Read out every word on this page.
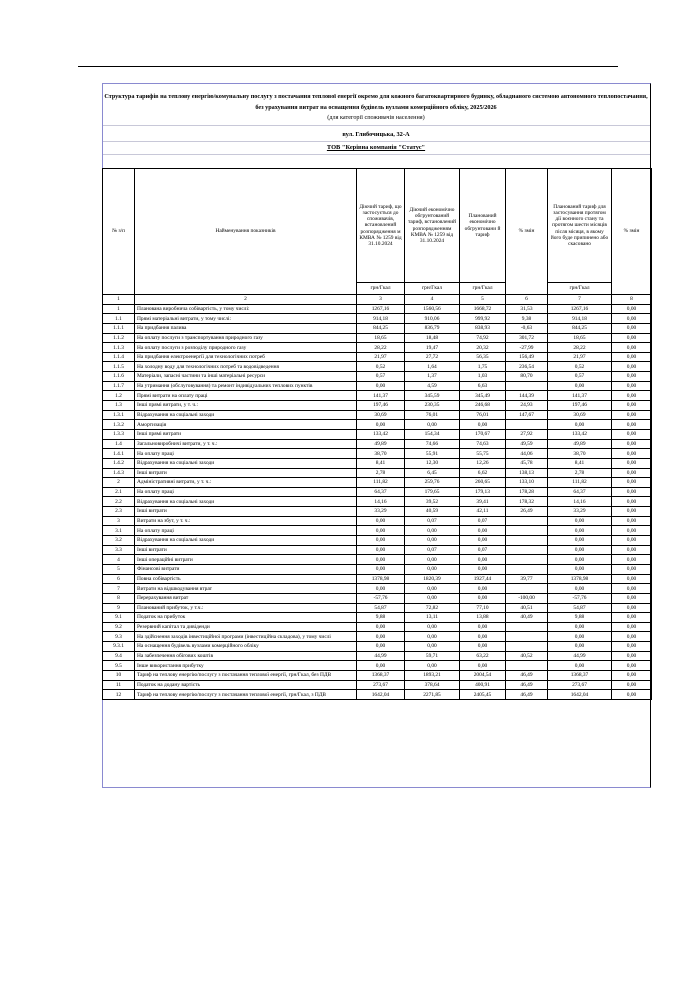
Структура тарифів на теплову енергію/комунальну послугу з постачання теплової енергії окремо для кожного багатоквартирного будинку, обладнаного системою автономного теплопостачання, без урахування витрат на оснащення будівель вузлами комерційного обліку, 2025/2026
(для категорії споживачів населення)
вул. Глибочицька, 32-А
ТОВ "Керівна компанія "Статус"
№ з/п	Найменування показників	Діючий тариф, що застосується до споживачів, встановлений розпорядження м КМВА № 1259 від 31.10.2024	Діючий економічно обгрунтований тариф, встановлений розпорядженням КМВА № 1259 від 31.10.2024	Планований економічно обгрунтовани й тариф	% змін	Планований тариф для застосування протягом дії воєнного стану та протягом шести місяців після місяця, в якому його буде припинено або скасовано	% змін
		грн/Гкал	грн/Гкал	грн/Гкал		грн/Гкал	
1	2	3	4	5	6	7	8
1	Планована виробнича собівартість, у тому числі:	1267,16	1560,56	1668,72	31,53	1267,16	0,00
1.1	Прямі матеріальні витрати, у тому числі:	914,18	910,06	999,92	9,38	914,18	0,00
1.1.1	На придбання палива	844,25	836,79	838,93	-0,63	844,25	0,00
1.1.2	На оплату послуги з транспортування природного газу	18,65	18,48	74,92	301,72	18,65	0,00
1.1.3	На оплату послуги з розподілу природного газу	28,22	19,47	20,32	-27,99	28,22	0,00
1.1.4	На придбання електроенергії для технологічних потреб	21,97	27,72	56,35	156,49	21,97	0,00
1.1.5	На холодну воду для технологічних потреб та водовідведення	0,52	1,64	1,75	236,54	0,52	0,00
1.1.6	Матеріали, запасні частини та інші матеріальні ресурси	0,57	1,37	1,03	80,70	0,57	0,00
1.1.7	На утримання (обслуговування) та ремонт індивідуальних теплових пунктів	0,00	4,59	6,63		0,00	0,00
1.2	Прямі витрати на оплату праці	141,37	345,59	345,49	144,39	141,37	0,00
1.3	Інші прямі витрати, у т. ч.:	197,46	230,35	246,68	24,93	197,46	0,00
1.3.1	Відрахування на соціальні заходи	30,69	76,01	76,01	147,67	30,69	0,00
1.3.2	Амортизація	0,00	0,00	0,00		0,00	0,00
1.3.3	Інші прямі витрати	133,42	154,34	170,67	27,92	133,42	0,00
1.4	Загальновиробничі витрати, у т. ч.:	49,89	74,66	74,63	49,59	49,89	0,00
1.4.1	На оплату праці	38,70	55,91	55,75	44,06	38,70	0,00
1.4.2	Відрахування на соціальні заходи	8,41	12,30	12,26	45,78	8,41	0,00
1.4.3	Інші витрати	2,78	6,45	6,62	138,13	2,78	0,00
2	Адміністративні витрати, у т. ч.:	111,82	259,76	260,65	133,10	111,82	0,00
2.1	На оплату праці	64,37	179,65	179,13	178,28	64,37	0,00
2.2	Відрахування на соціальні заходи	14,16	39,52	39,41	178,32	14,16	0,00
2.3	Інші витрати	33,29	40,59	42,11	26,49	33,29	0,00
3	Витрати на збут, у т. ч.:	0,00	0,07	0,07		0,00	0,00
3.1	На оплату праці	0,00	0,00	0,00		0,00	0,00
3.2	Відрахування на соціальні заходи	0,00	0,00	0,00		0,00	0,00
3.3	Інші витрати	0,00	0,07	0,07		0,00	0,00
4	Інші операційні витрати	0,00	0,00	0,00		0,00	0,00
5	Фінансові витрати	0,00	0,00	0,00		0,00	0,00
6	Повна собівартість	1378,98	1820,39	1927,44	39,77	1378,98	0,00
7	Витрати на відшкодування втрат	0,00	0,00	0,00		0,00	0,00
8	Перерахування витрат	-57,76	0,00	0,00	-100,00	-57,76	0,00
9	Планований прибуток, у т.ч.:	54,87	72,82	77,10	40,51	54,87	0,00
9.1	Податок на прибуток	9,88	13,11	13,88	40,49	9,88	0,00
9.2	Резервний капітал та дивіденди	0,00	0,00	0,00		0,00	0,00
9.3	На здійснення заходів інвестиційної програми (інвестиційна складова), у тому числі	0,00	0,00	0,00		0,00	0,00
9.3.1	На оснащення будівель вузлами комерційного обліку	0,00	0,00	0,00		0,00	0,00
9.4	На забезпечення обігових коштів	44,99	59,71	63,22	40,52	44,99	0,00
9.5	Інше використання прибутку	0,00	0,00	0,00		0,00	0,00
10	Тариф на теплову енергію/послугу з постачання теплової енергії, грн/Гкал, без ПДВ	1368,37	1893,21	2004,54	46,49	1368,37	0,00
11	Податок на додану вартість	273,67	378,64	400,91	46,49	273,67	0,00
12	Тариф на теплову енергію/послугу з постачання теплової енергії, грн/Гкал, з ПДВ	1642,04	2271,85	2405,45	46,49	1642,04	0,00
